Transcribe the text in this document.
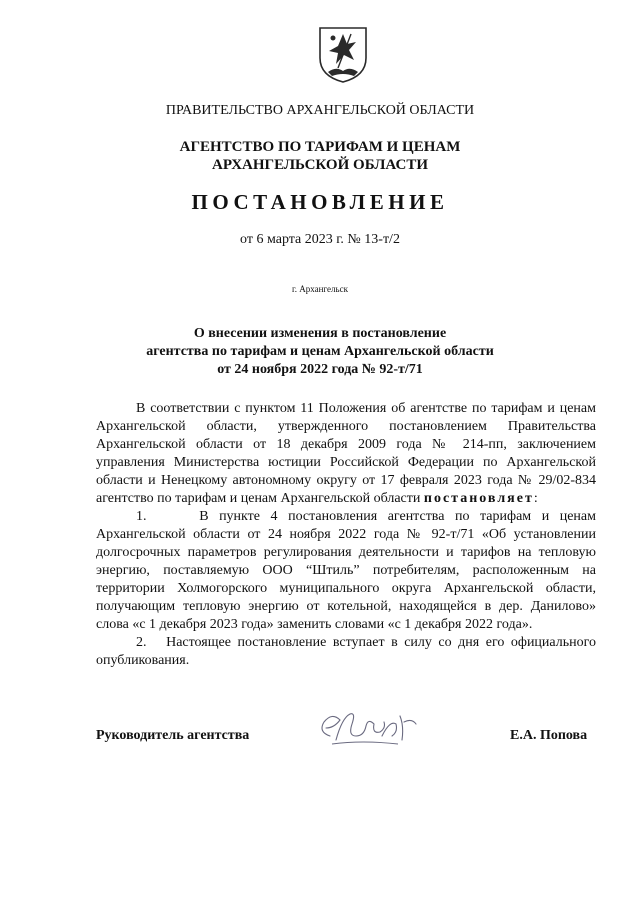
ПРАВИТЕЛЬСТВО АРХАНГЕЛЬСКОЙ ОБЛАСТИ
АГЕНТСТВО ПО ТАРИФАМ И ЦЕНАМ
АРХАНГЕЛЬСКОЙ ОБЛАСТИ
ПОСТАНОВЛЕНИЕ
от 6 марта 2023 г. № 13-т/2
г. Архангельск
О внесении изменения в постановление
агентства по тарифам и ценам Архангельской области
от 24 ноября 2022 года № 92-т/71

В соответствии с пунктом 11 Положения об агентстве по тарифам и ценам Архангельской области, утвержденного постановлением Правительства Архангельской области от 18 декабря 2009 года № 214-пп, заключением управления Министерства юстиции Российской Федерации по Архангельской области и Ненецкому автономному округу от 17 февраля 2023 года № 29/02-834 агентство по тарифам и ценам Архангельской области постановляет:

1.	В пункте 4 постановления агентства по тарифам и ценам Архангельской области от 24 ноября 2022 года № 92-т/71 «Об установлении долгосрочных параметров регулирования деятельности и тарифов на тепловую энергию, поставляемую ООО “Штиль” потребителям, расположенным на территории Холмогорского муниципального округа Архангельской области, получающим тепловую энергию от котельной, находящейся в дер. Данилово» слова «с 1 декабря 2023 года» заменить словами «с 1 декабря 2022 года».

2. Настоящее постановление вступает в силу со дня его официального опубликования.

Руководитель агентства	Е.А. Попова
